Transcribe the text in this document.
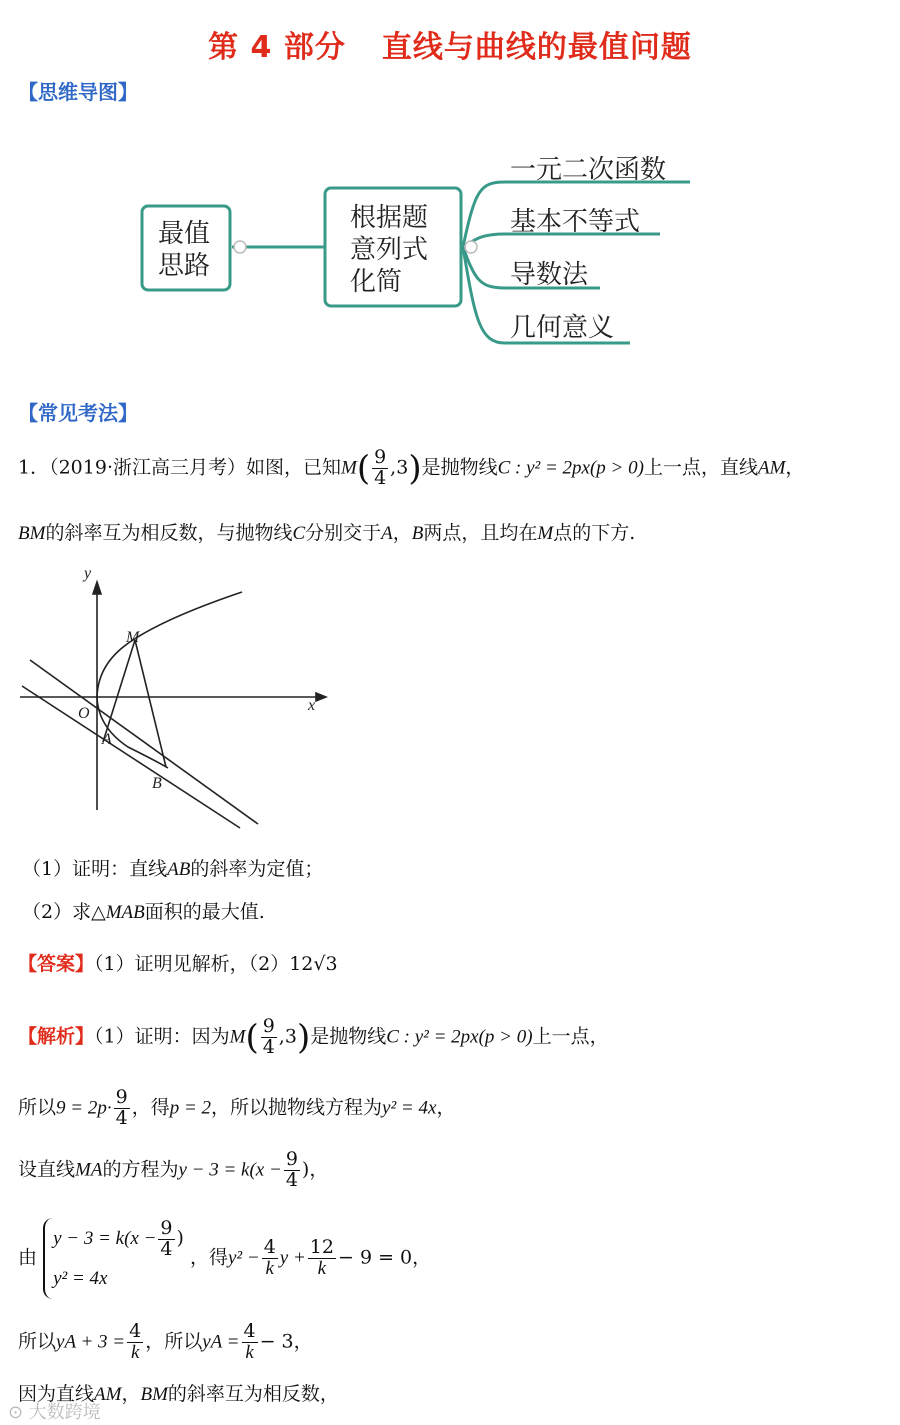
第 4 部分 直线与曲线的最值问题
【思维导图】
最值
思路
根据题
意列式
化简
一元二次函数
基本不等式
导数法
几何意义
【常见考法】
1．（2019·浙江高三月考）如图，已知$M( \frac{9}{4} ,3)$是抛物线C : y² = 2px(p > 0)上一点，直线AM，
BM的斜率互为相反数，与抛物线C分别交于A，B两点，且均在M点的下方.
y
x
O
M
A
B
（1）证明：直线AB的斜率为定值；
（2）求△MAB面积的最大值.
【答案】（1）证明见解析，（2）12√3
【解析】（1）证明：因为$M( \frac{9}{4} ,3)$是抛物线C : y² = 2px(p > 0)上一点，
所以$9 = 2p\cdot \frac{9}{4}$ ，得p = 2，所以抛物线方程为y² = 4x，
设直线MA的方程为$y - 3 = k(x - \frac{9}{4}$ )，
由
$y - 3 = k(x - \frac{9}{4}$ )
y² = 4x
，得$y^2 - \frac{4}{k}$ $y + \frac{12}{k} - 9 = 0$，
所以yA + $3 = \frac{4}{k}$ ，所以yA = $\frac{4}{k} - 3$，
因为直线AM，BM的斜率互为相反数，
⊙ 大数跨境
